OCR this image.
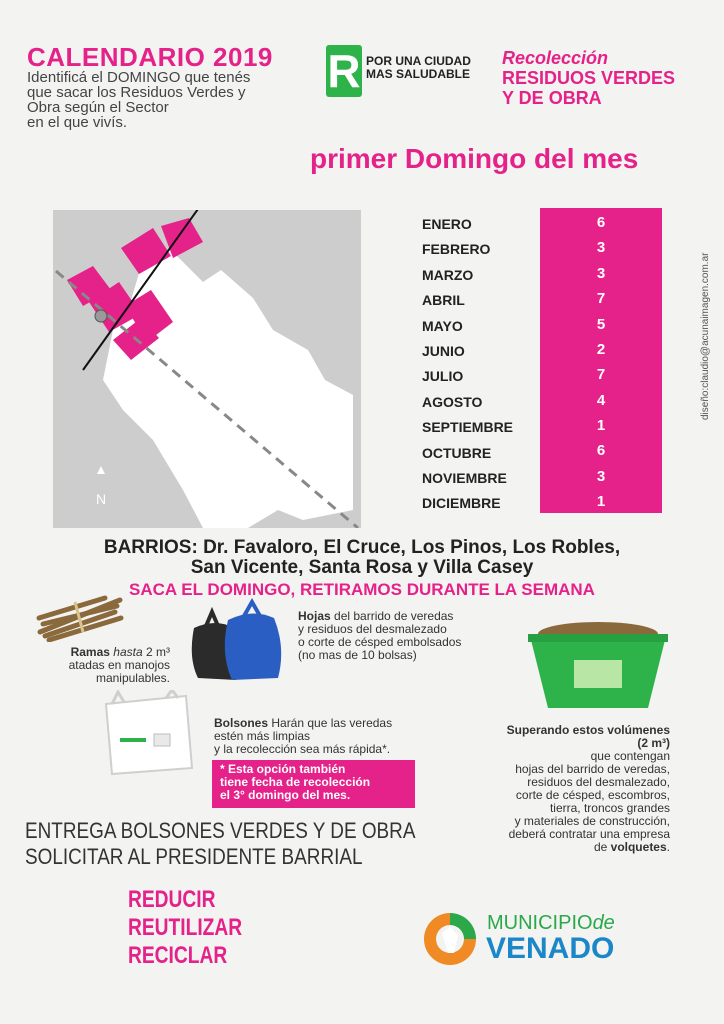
CALENDARIO 2019
Identificá el DOMINGO que tenés
que sacar los Residuos Verdes y
Obra según el Sector
en el que vivís.
R POR UNA CIUDAD
MAS SALUDABLE
Recolección
RESIDUOS VERDES
Y DE OBRA
primer Domingo del mes
N
ENERO
FEBRERO
MARZO
ABRIL
MAYO
JUNIO
JULIO
AGOSTO
SEPTIEMBRE
OCTUBRE
NOVIEMBRE
DICIEMBRE
6
3
3
7
5
2
7
4
1
6
3
1
diseño:claudio@acunaimagen.com.ar
BARRIOS: Dr. Favaloro, El Cruce, Los Pinos, Los Robles,
San Vicente, Santa Rosa y Villa Casey
SACA EL DOMINGO, RETIRAMOS DURANTE LA SEMANA
Ramas hasta 2 m³
atadas en manojos
manipulables.
Hojas del barrido de veredas
y residuos del desmalezado
o corte de césped embolsados
(no mas de 10 bolsas)
Superando estos volúmenes
(2 m³)
que contengan
hojas del barrido de veredas,
residuos del desmalezado,
corte de césped, escombros,
tierra, troncos grandes
y materiales de construcción,
deberá contratar una empresa
de volquetes.
Bolsones Harán que las veredas
estén más limpias
y la recolección sea más rápida*.
* Esta opción también
tiene fecha de recolección
el 3° domingo del mes.
ENTREGA BOLSONES VERDES Y DE OBRA
SOLICITAR AL PRESIDENTE BARRIAL
REDUCIR
REUTILIZAR
RECICLAR
MUNICIPIOde
VENADO
